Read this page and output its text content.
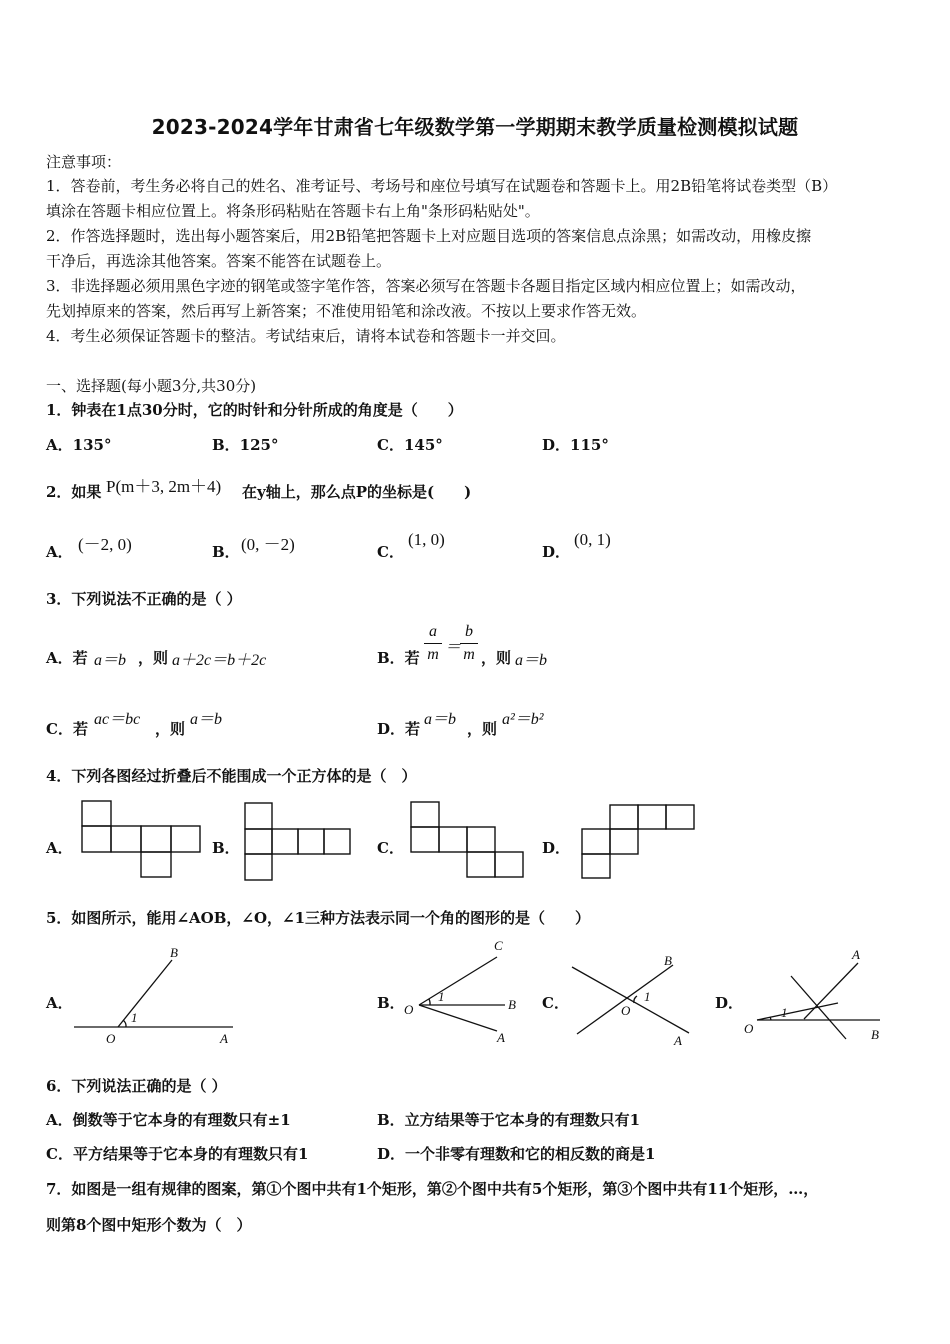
2023-2024学年甘肃省七年级数学第一学期期末教学质量检测模拟试题
注意事项：
1．答卷前，考生务必将自己的姓名、准考证号、考场号和座位号填写在试题卷和答题卡上。用2B铅笔将试卷类型（B）
填涂在答题卡相应位置上。将条形码粘贴在答题卡右上角"条形码粘贴处"。
2．作答选择题时，选出每小题答案后，用2B铅笔把答题卡上对应题目选项的答案信息点涂黑；如需改动，用橡皮擦
干净后，再选涂其他答案。答案不能答在试题卷上。
3．非选择题必须用黑色字迹的钢笔或签字笔作答，答案必须写在答题卡各题目指定区域内相应位置上；如需改动，
先划掉原来的答案，然后再写上新答案；不准使用铅笔和涂改液。不按以上要求作答无效。
4．考生必须保证答题卡的整洁。考试结束后，请将本试卷和答题卡一并交回。
一、选择题(每小题3分,共30分)
1．钟表在1点30分时，它的时针和分针所成的角度是（　　）
A．135°	B．125°	C．145°	D．115°
2．如果 P(m＋3, 2m＋4) 在y轴上，那么点P的坐标是(　　)
A． (－2, 0)	B． (0, －2)	C．
(1, 0)
D．
(0, 1)
3．下列说法不正确的是（ ）
A．若 a＝b ，则 a＋2c＝b＋2c	B．若
a
m ＝
b
m ，则 a＝b
C．若
ac＝bc
，则
a＝b
D．若
a＝b
，则
a²＝b²
4．下列各图经过折叠后不能围成一个正方体的是（　）
A．	B．	C．	D．
5．如图所示，能用∠AOB，∠O，∠1三种方法表示同一个角的图形的是（　　）
A．
B
O	A
1
B．
C
O	B
A
1	C．
B
O
A
1	D．
A
O	B
1
6．下列说法正确的是（ ）
A．倒数等于它本身的有理数只有±1	B．立方结果等于它本身的有理数只有1
C．平方结果等于它本身的有理数只有1	D．一个非零有理数和它的相反数的商是1
7．如图是一组有规律的图案，第①个图中共有1个矩形，第②个图中共有5个矩形，第③个图中共有11个矩形，…，
则第8个图中矩形个数为（　）
